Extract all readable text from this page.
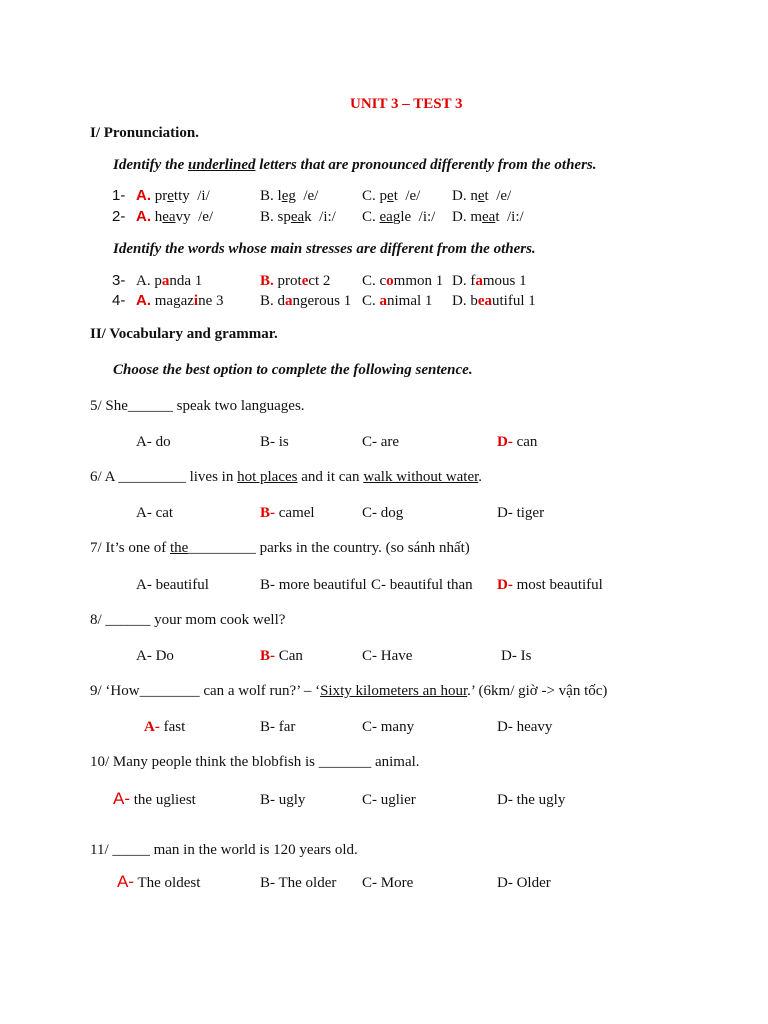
UNIT 3 – TEST 3
I/ Pronunciation.
Identify the underlined letters that are pronounced differently from the others.
1- A. pretty /i/	B. leg /e/	C. pet /e/ D. net /e/
2- A. heavy /e/	B. speak /i:/ C. eagle /i:/ D. meat /i:/
Identify the words whose main stresses are different from the others.
3- A. panda 1	B. protect 2 C. common 1 D. famous 1
4- A. magazine 3 B. dangerous 1 C. animal 1 D. beautiful 1
II/ Vocabulary and grammar.
Choose the best option to complete the following sentence.
5/ She______ speak two languages.
A- do	B- is	C- are	D- can
6/ A _________ lives in hot places and it can walk without water.
A- cat	B- camel	C- dog	D- tiger
7/ It’s one of the_________ parks in the country. (so sánh nhất)
A- beautiful	B- more beautiful C- beautiful than D- most beautiful
8/ ______ your mom cook well?
A- Do	B- Can	C- Have	D- Is
9/ ‘How________ can a wolf run?’ – ‘Sixty kilometers an hour.’ (6km/ giờ -> vận tốc)
A- fast	B- far	C- many	D- heavy
10/ Many people think the blobfish is _______ animal.
A- the ugliest	B- ugly	C- uglier	D- the ugly
11/ _____ man in the world is 120 years old.
A- The oldest	B- The older C- More	D- Older
